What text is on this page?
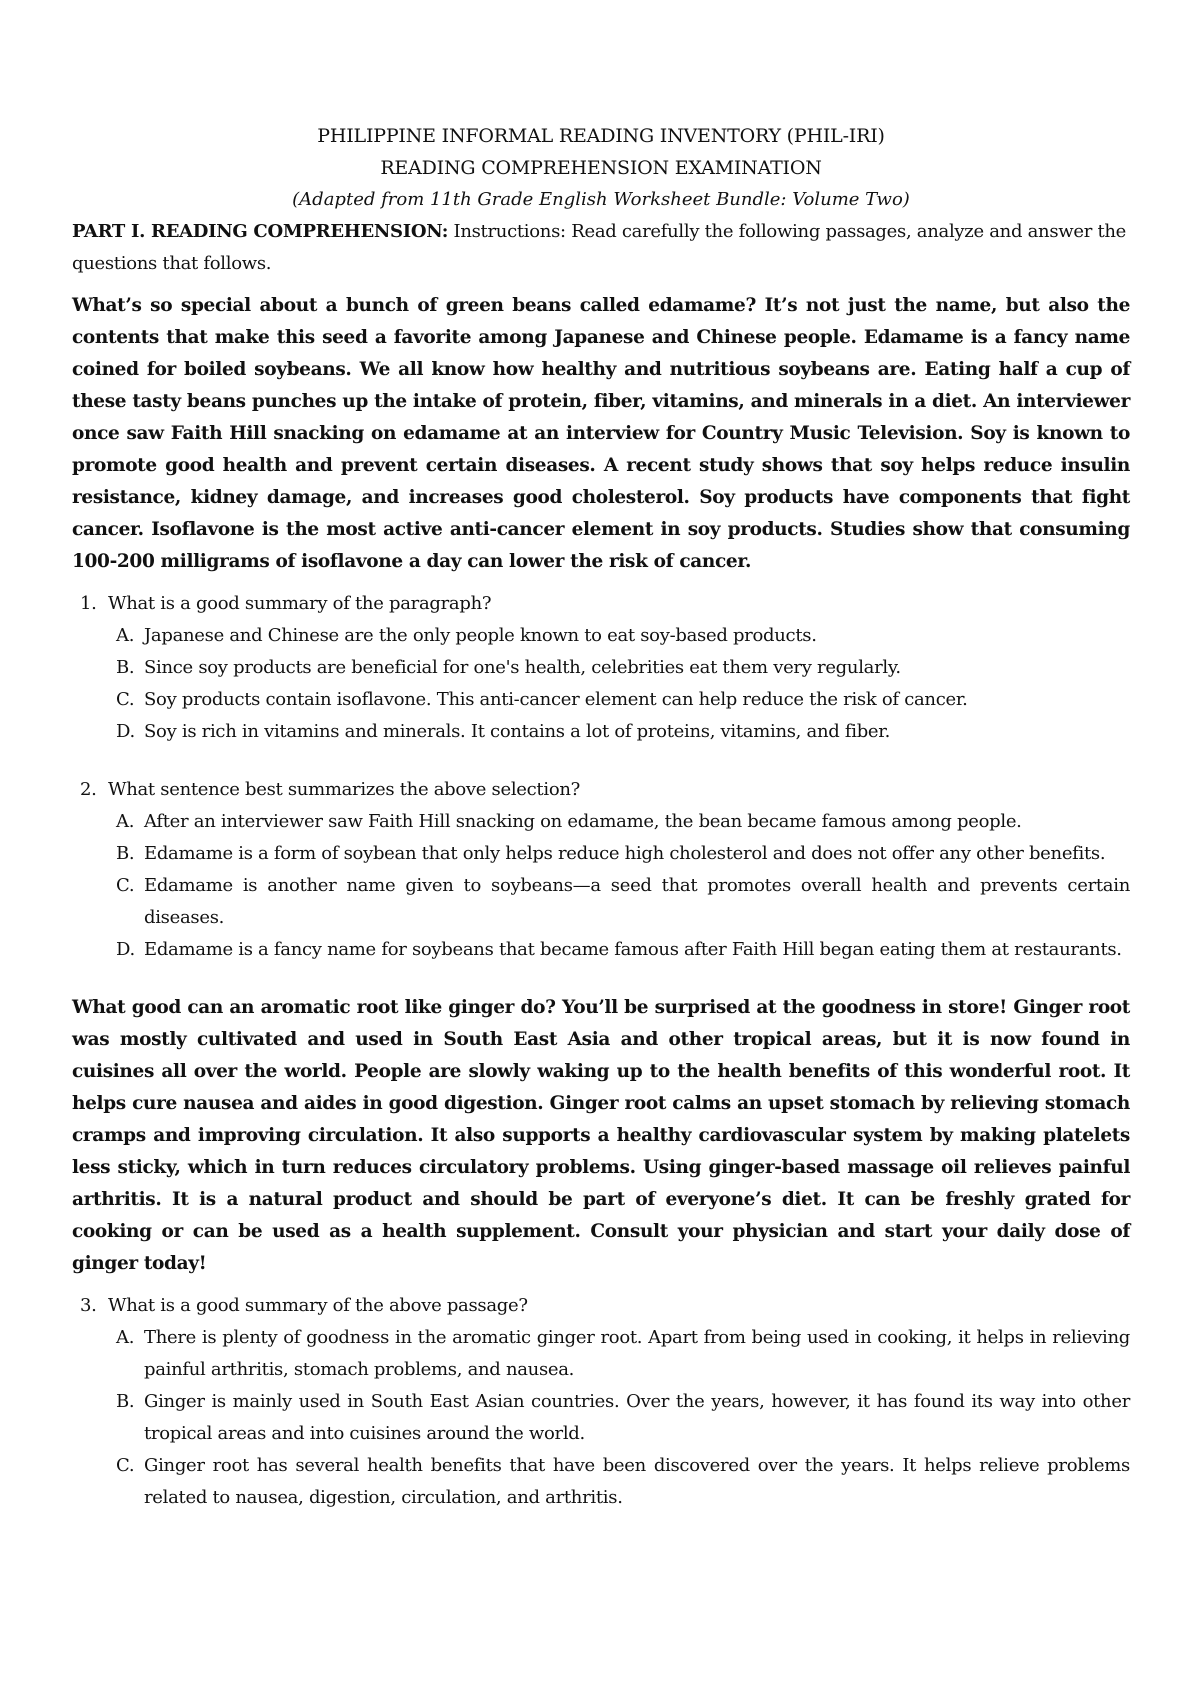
PHILIPPINE INFORMAL READING INVENTORY (PHIL-IRI)

READING COMPREHENSION EXAMINATION

(Adapted from 11th Grade English Worksheet Bundle: Volume Two)

PART I. READING COMPREHENSION: Instructions: Read carefully the following passages, analyze and answer the questions that follows.

What’s so special about a bunch of green beans called edamame? It’s not just the name, but also the contents that make this seed a favorite among Japanese and Chinese people. Edamame is a fancy name coined for boiled soybeans. We all know how healthy and nutritious soybeans are. Eating half a cup of these tasty beans punches up the intake of protein, fiber, vitamins, and minerals in a diet. An interviewer once saw Faith Hill snacking on edamame at an interview for Country Music Television. Soy is known to promote good health and prevent certain diseases. A recent study shows that soy helps reduce insulin resistance, kidney damage, and increases good cholesterol. Soy products have components that fight cancer. Isoflavone is the most active anti-cancer element in soy products. Studies show that consuming 100-200 milligrams of isoflavone a day can lower the risk of cancer.

1. What is a good summary of the paragraph?

A. Japanese and Chinese are the only people known to eat soy-based products.
B. Since soy products are beneficial for one's health, celebrities eat them very regularly.
C. Soy products contain isoflavone. This anti-cancer element can help reduce the risk of cancer.
D. Soy is rich in vitamins and minerals. It contains a lot of proteins, vitamins, and fiber.

2. What sentence best summarizes the above selection?

A. After an interviewer saw Faith Hill snacking on edamame, the bean became famous among people.
B. Edamame is a form of soybean that only helps reduce high cholesterol and does not offer any other benefits.
C. Edamame is another name given to soybeans—a seed that promotes overall health and prevents certain diseases.
D. Edamame is a fancy name for soybeans that became famous after Faith Hill began eating them at restaurants.

What good can an aromatic root like ginger do? You’ll be surprised at the goodness in store! Ginger root was mostly cultivated and used in South East Asia and other tropical areas, but it is now found in cuisines all over the world. People are slowly waking up to the health benefits of this wonderful root. It helps cure nausea and aides in good digestion. Ginger root calms an upset stomach by relieving stomach cramps and improving circulation. It also supports a healthy cardiovascular system by making platelets less sticky, which in turn reduces circulatory problems. Using ginger-based massage oil relieves painful arthritis. It is a natural product and should be part of everyone’s diet. It can be freshly grated for cooking or can be used as a health supplement. Consult your physician and start your daily dose of ginger today!

3. What is a good summary of the above passage?

A. There is plenty of goodness in the aromatic ginger root. Apart from being used in cooking, it helps in relieving painful arthritis, stomach problems, and nausea.
B. Ginger is mainly used in South East Asian countries. Over the years, however, it has found its way into other tropical areas and into cuisines around the world.
C. Ginger root has several health benefits that have been discovered over the years. It helps relieve problems related to nausea, digestion, circulation, and arthritis.
